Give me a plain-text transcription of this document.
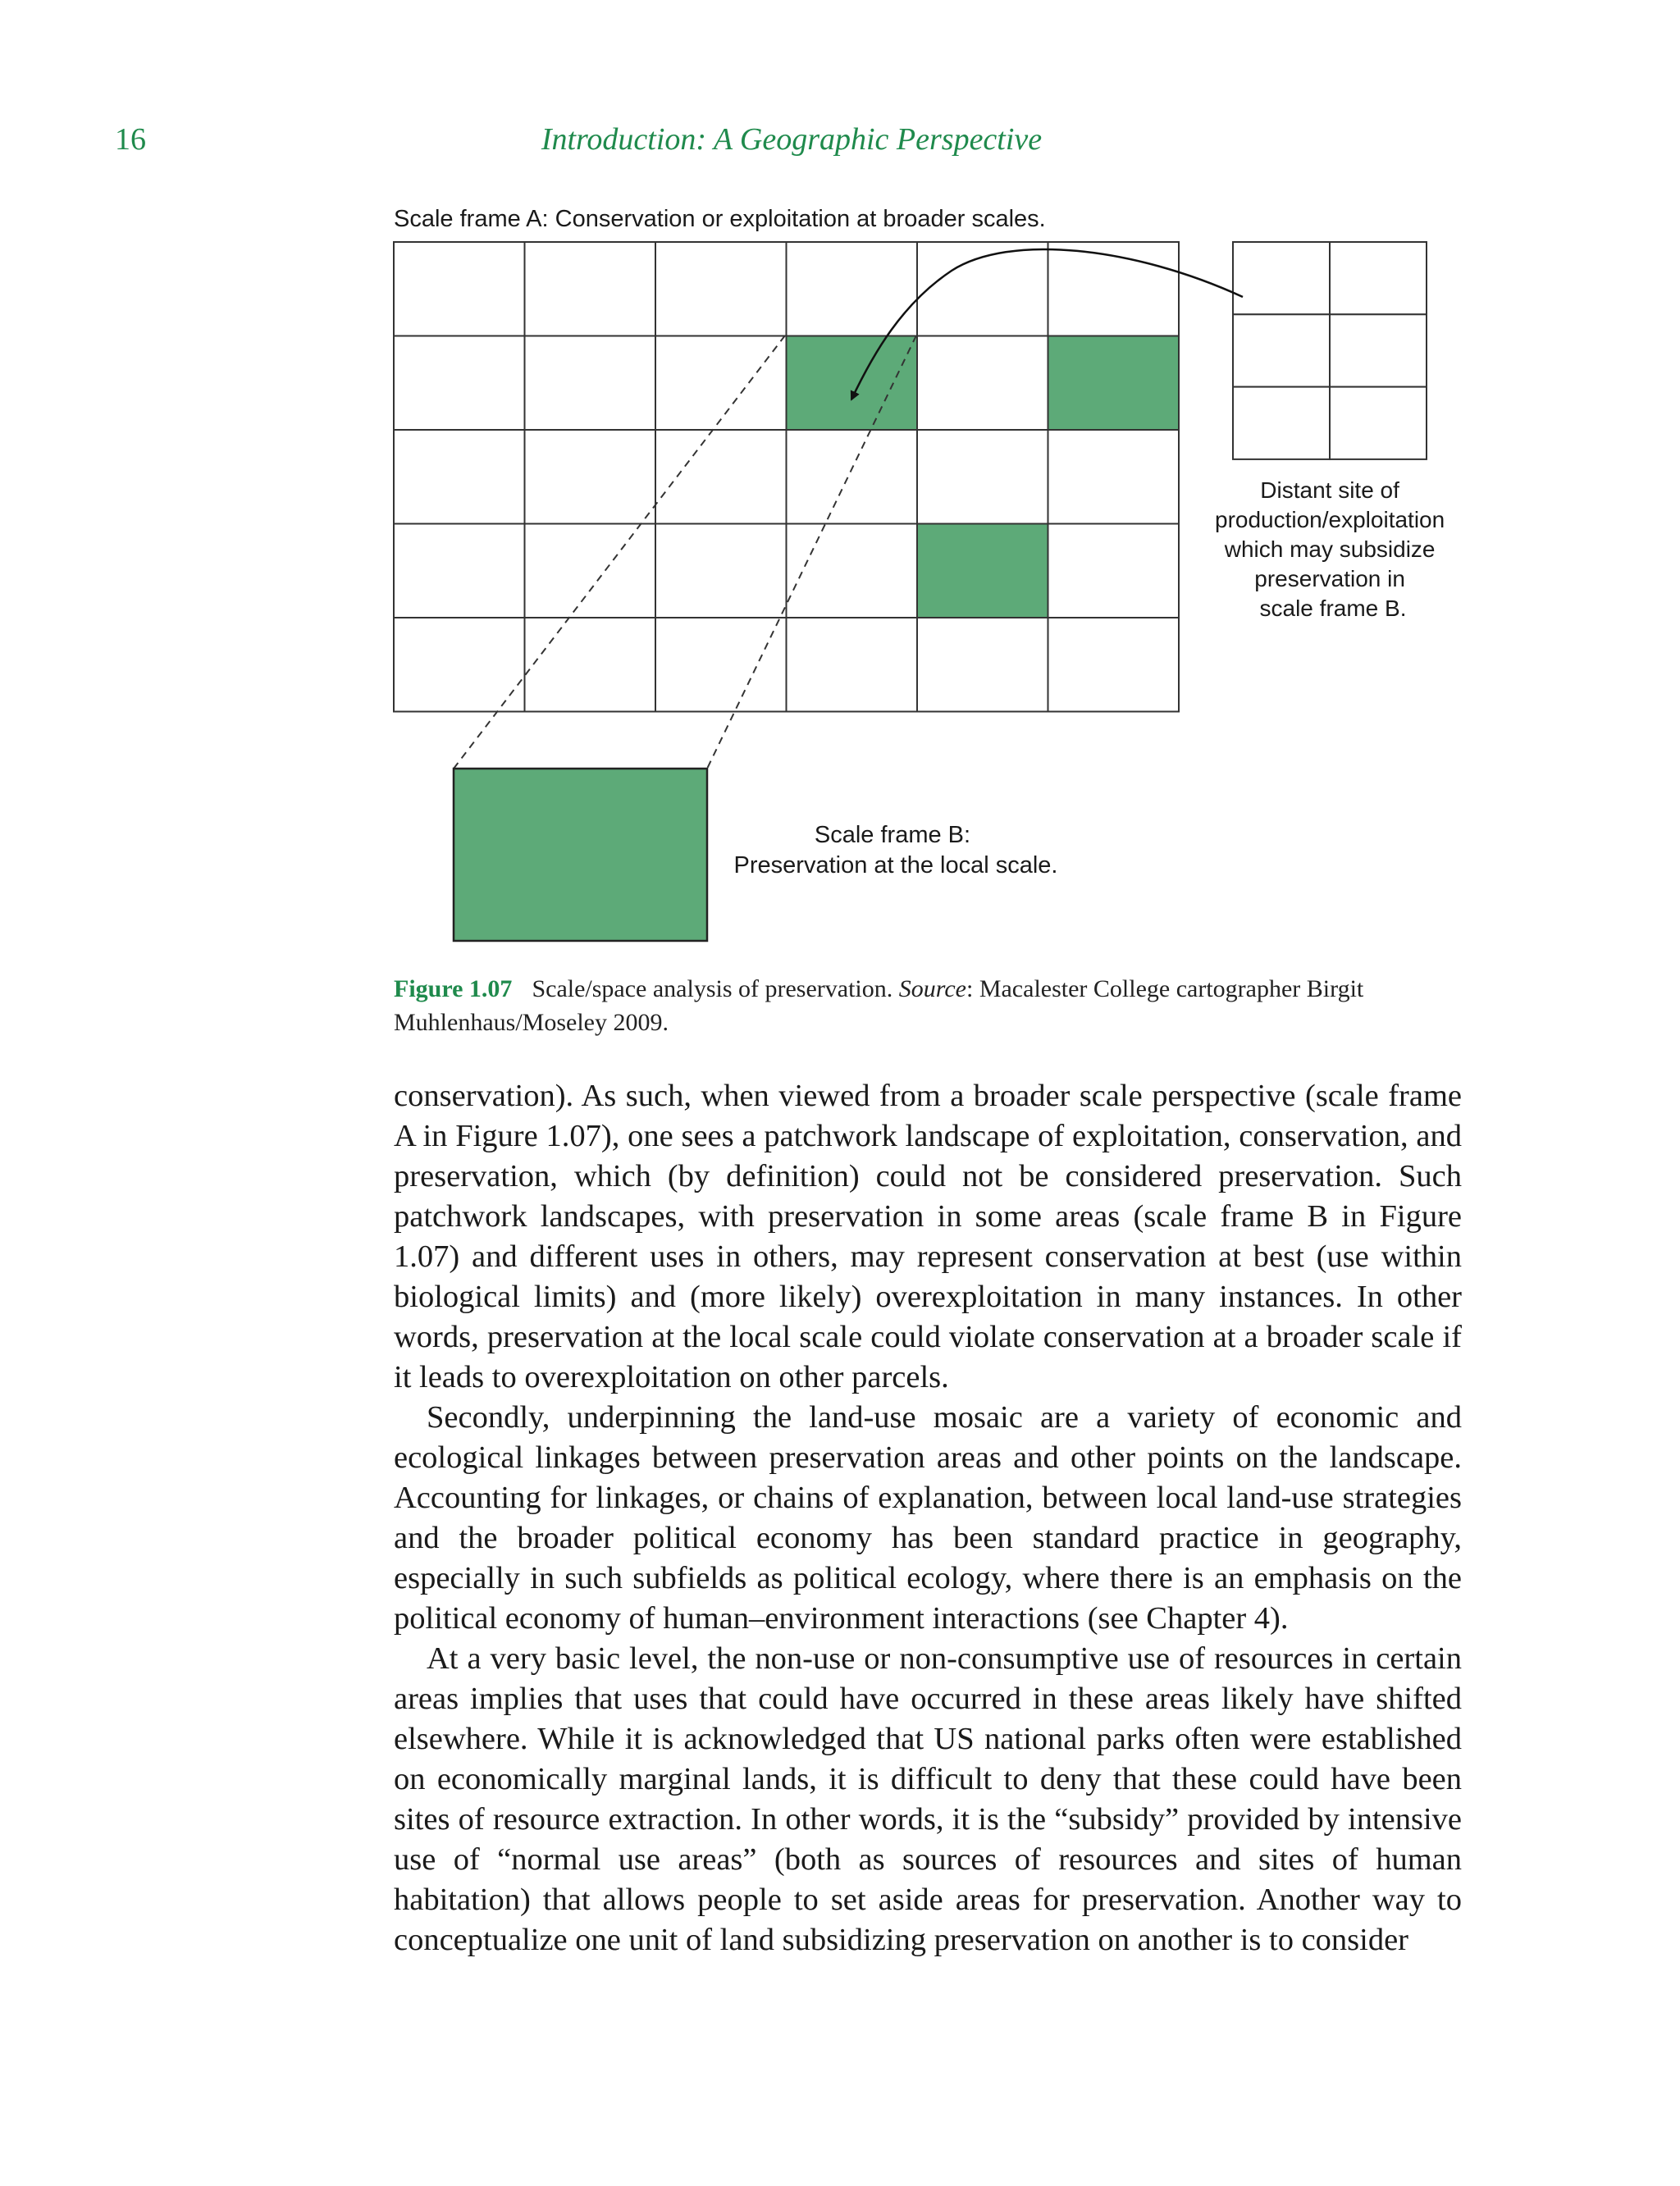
16	Introduction: A Geographic Perspective
Scale frame A: Conservation or exploitation at broader scales.
Distant site of production/exploitation which may subsidize preservation in scale frame B.
Scale frame B: Preservation at the local scale.
Figure 1.07 Scale/space analysis of preservation. Source: Macalester College cartographer Birgit Muhlenhaus/Moseley 2009.

conservation). As such, when viewed from a broader scale perspective (scale frame A in Figure 1.07), one sees a patchwork landscape of exploitation, conservation, and preservation, which (by definition) could not be considered preservation. Such patchwork landscapes, with preservation in some areas (scale frame B in Figure 1.07) and different uses in others, may represent conservation at best (use within biological limits) and (more likely) overexploitation in many instances. In other words, preservation at the local scale could violate conservation at a broader scale if it leads to overexploitation on other parcels.

Secondly, underpinning the land-use mosaic are a variety of economic and ecological linkages between preservation areas and other points on the landscape. Accounting for linkages, or chains of explanation, between local land-use strategies and the broader political economy has been standard practice in geography, especially in such subfields as political ecology, where there is an emphasis on the political economy of human–environment interactions (see Chapter 4).

At a very basic level, the non-use or non-consumptive use of resources in certain areas implies that uses that could have occurred in these areas likely have shifted elsewhere. While it is acknowledged that US national parks often were established on economically marginal lands, it is difficult to deny that these could have been sites of resource extraction. In other words, it is the “subsidy” provided by intensive use of “normal use areas” (both as sources of resources and sites of human habitation) that allows people to set aside areas for preservation. Another way to conceptualize one unit of land subsidizing preservation on another is to consider
